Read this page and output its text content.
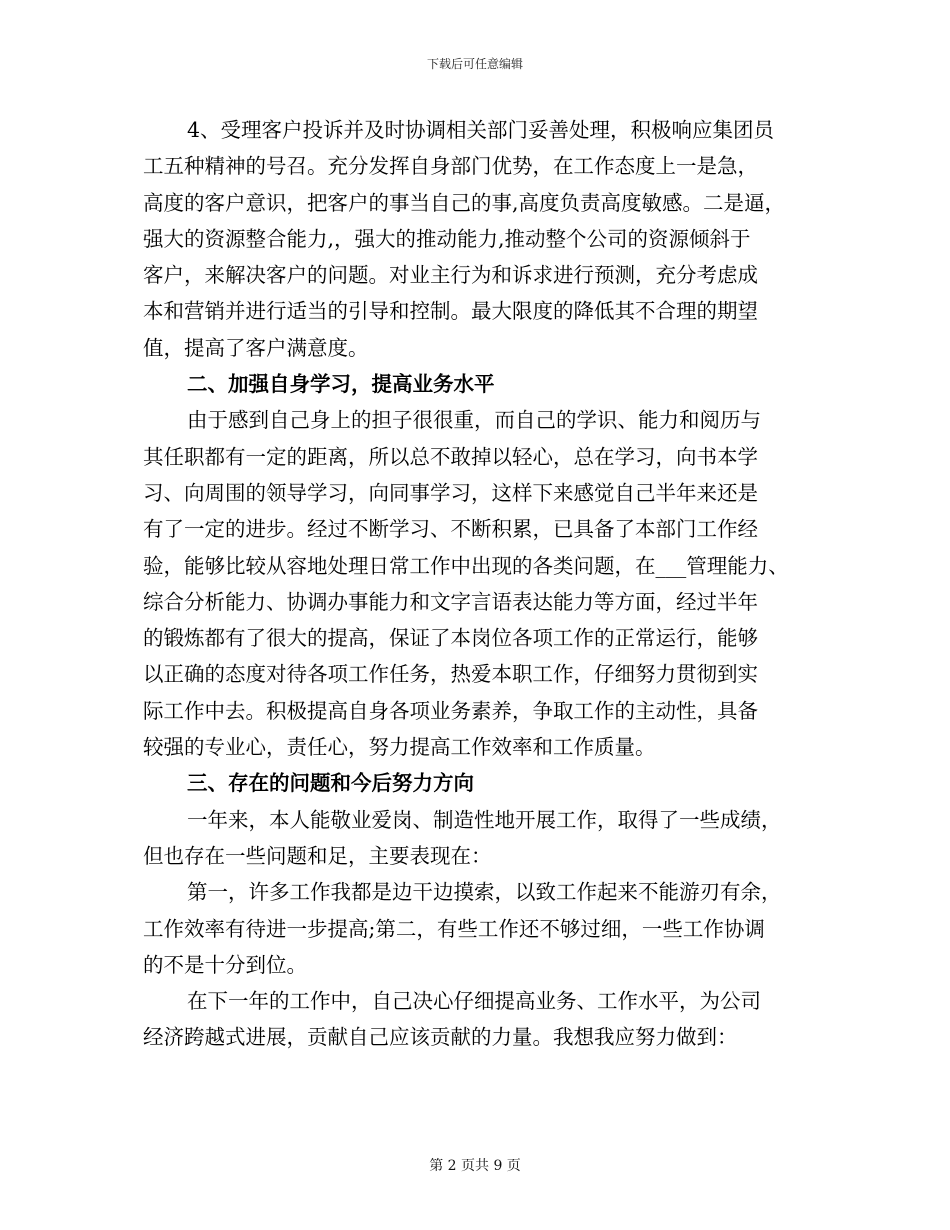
下载后可任意编辑
4、受理客户投诉并及时协调相关部门妥善处理，积极响应集团员
工五种精神的号召。充分发挥自身部门优势，在工作态度上一是急，
高度的客户意识，把客户的事当自己的事,高度负责高度敏感。二是逼，
强大的资源整合能力,，强大的推动能力,推动整个公司的资源倾斜于
客户，来解决客户的问题。对业主行为和诉求进行预测，充分考虑成
本和营销并进行适当的引导和控制。最大限度的降低其不合理的期望
值，提高了客户满意度。
二、加强自身学习，提高业务水平
由于感到自己身上的担子很很重，而自己的学识、能力和阅历与
其任职都有一定的距离，所以总不敢掉以轻心，总在学习，向书本学
习、向周围的领导学习，向同事学习，这样下来感觉自己半年来还是
有了一定的进步。经过不断学习、不断积累，已具备了本部门工作经
验，能够比较从容地处理日常工作中出现的各类问题，在___管理能力、
综合分析能力、协调办事能力和文字言语表达能力等方面，经过半年
的锻炼都有了很大的提高，保证了本岗位各项工作的正常运行，能够
以正确的态度对待各项工作任务，热爱本职工作，仔细努力贯彻到实
际工作中去。积极提高自身各项业务素养，争取工作的主动性，具备
较强的专业心，责任心，努力提高工作效率和工作质量。
三、存在的问题和今后努力方向
一年来，本人能敬业爱岗、制造性地开展工作，取得了一些成绩，
但也存在一些问题和足，主要表现在：
第一，许多工作我都是边干边摸索，以致工作起来不能游刃有余，
工作效率有待进一步提高;第二，有些工作还不够过细，一些工作协调
的不是十分到位。
在下一年的工作中，自己决心仔细提高业务、工作水平，为公司
经济跨越式进展，贡献自己应该贡献的力量。我想我应努力做到：
第 2 页共 9 页
